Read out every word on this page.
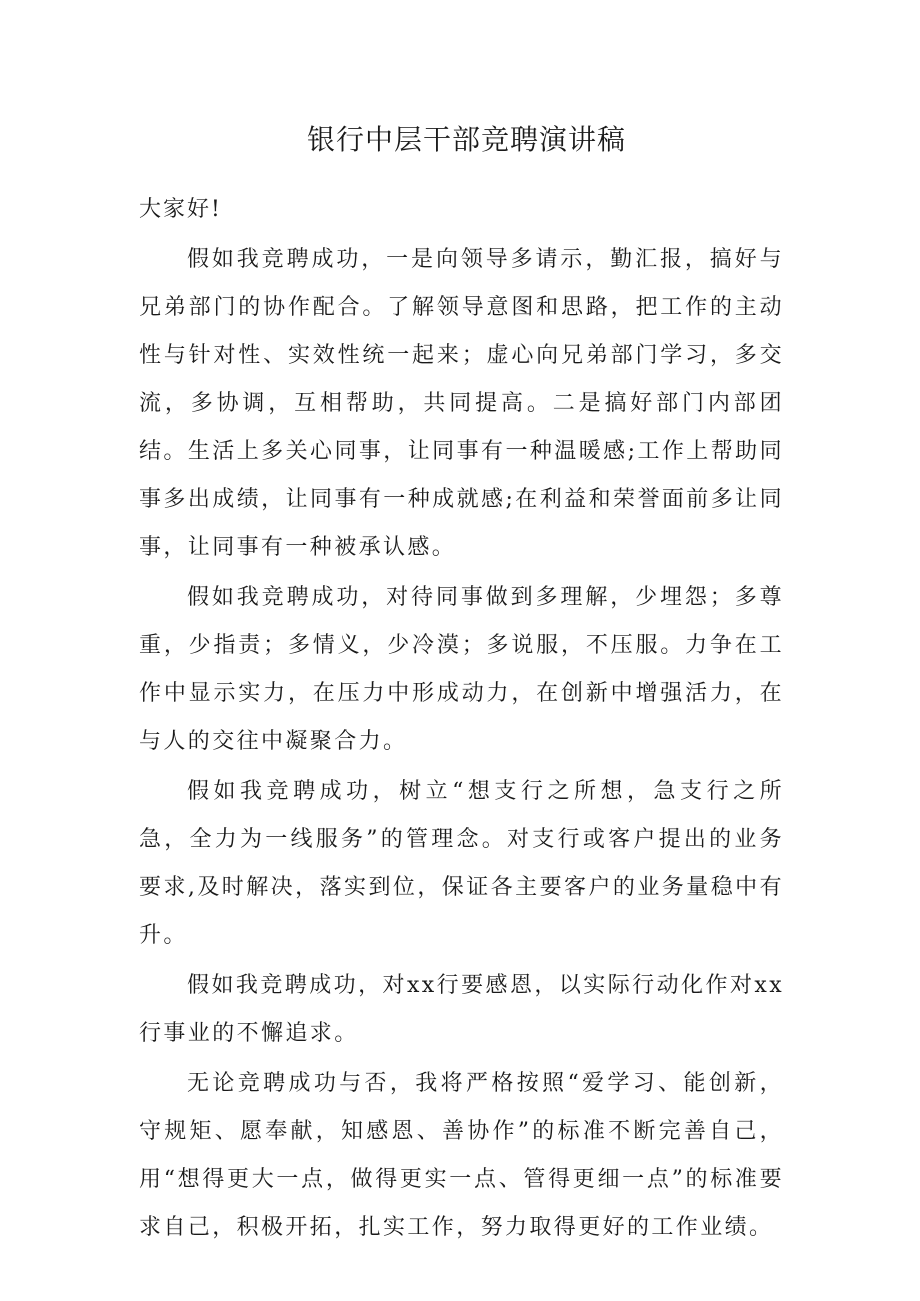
银行中层干部竞聘演讲稿

大家好!

假如我竞聘成功，一是向领导多请示，勤汇报，搞好与兄弟部门的协作配合。了解领导意图和思路，把工作的主动性与针对性、实效性统一起来；虚心向兄弟部门学习，多交流，多协调，互相帮助，共同提高。二是搞好部门内部团结。生活上多关心同事，让同事有一种温暖感;工作上帮助同事多出成绩，让同事有一种成就感;在利益和荣誉面前多让同事，让同事有一种被承认感。

假如我竞聘成功，对待同事做到多理解，少埋怨；多尊重，少指责；多情义，少冷漠；多说服，不压服。力争在工作中显示实力，在压力中形成动力，在创新中增强活力，在与人的交往中凝聚合力。

假如我竞聘成功，树立“想支行之所想，急支行之所急，全力为一线服务”的管理念。对支行或客户提出的业务要求,及时解决，落实到位，保证各主要客户的业务量稳中有升。

假如我竞聘成功，对xx行要感恩，以实际行动化作对xx行事业的不懈追求。

无论竞聘成功与否，我将严格按照“爱学习、能创新，守规矩、愿奉献，知感恩、善协作”的标准不断完善自己，用“想得更大一点，做得更实一点、管得更细一点”的标准要求自己，积极开拓，扎实工作，努力取得更好的工作业绩。
